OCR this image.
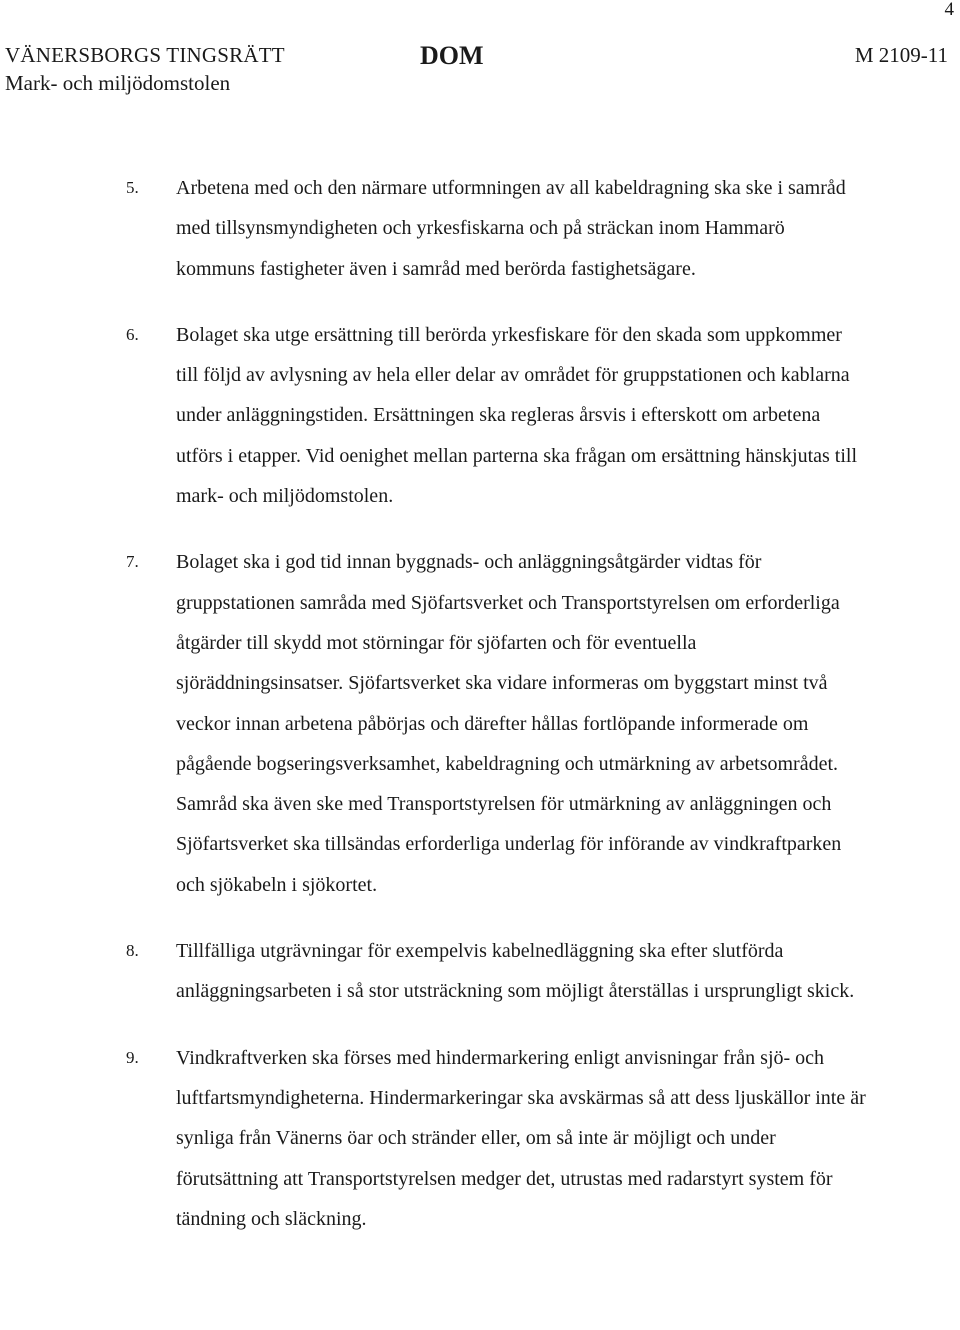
4
VÄNERSBORGS TINGSRÄTT
Mark- och miljödomstolen
DOM	M 2109-11
5. Arbetena med och den närmare utformningen av all kabeldragning ska ske i samråd med tillsynsmyndigheten och yrkesfiskarna och på sträckan inom Hammarö kommuns fastigheter även i samråd med berörda fastighetsägare.
6. Bolaget ska utge ersättning till berörda yrkesfiskare för den skada som uppkommer till följd av avlysning av hela eller delar av området för gruppstationen och kablarna under anläggningstiden. Ersättningen ska regleras årsvis i efterskott om arbetena utförs i etapper. Vid oenighet mellan parterna ska frågan om ersättning hänskjutas till mark- och miljödomstolen.
7. Bolaget ska i god tid innan byggnads- och anläggningsåtgärder vidtas för gruppstationen samråda med Sjöfartsverket och Transportstyrelsen om erforderliga åtgärder till skydd mot störningar för sjöfarten och för eventuella sjöräddningsinsatser. Sjöfartsverket ska vidare informeras om byggstart minst två veckor innan arbetena påbörjas och därefter hållas fortlöpande informerade om pågående bogseringsverksamhet, kabeldragning och utmärkning av arbetsområdet. Samråd ska även ske med Transportstyrelsen för utmärkning av anläggningen och Sjöfartsverket ska tillsändas erforderliga underlag för införande av vindkraftparken och sjökabeln i sjökortet.
8. Tillfälliga utgrävningar för exempelvis kabelnedläggning ska efter slutförda anläggningsarbeten i så stor utsträckning som möjligt återställas i ursprungligt skick.
9. Vindkraftverken ska förses med hindermarkering enligt anvisningar från sjö- och luftfartsmyndigheterna. Hindermarkeringar ska avskärmas så att dess ljuskällor inte är synliga från Vänerns öar och stränder eller, om så inte är möjligt och under förutsättning att Transportstyrelsen medger det, utrustas med radarstyrt system för tändning och släckning.
